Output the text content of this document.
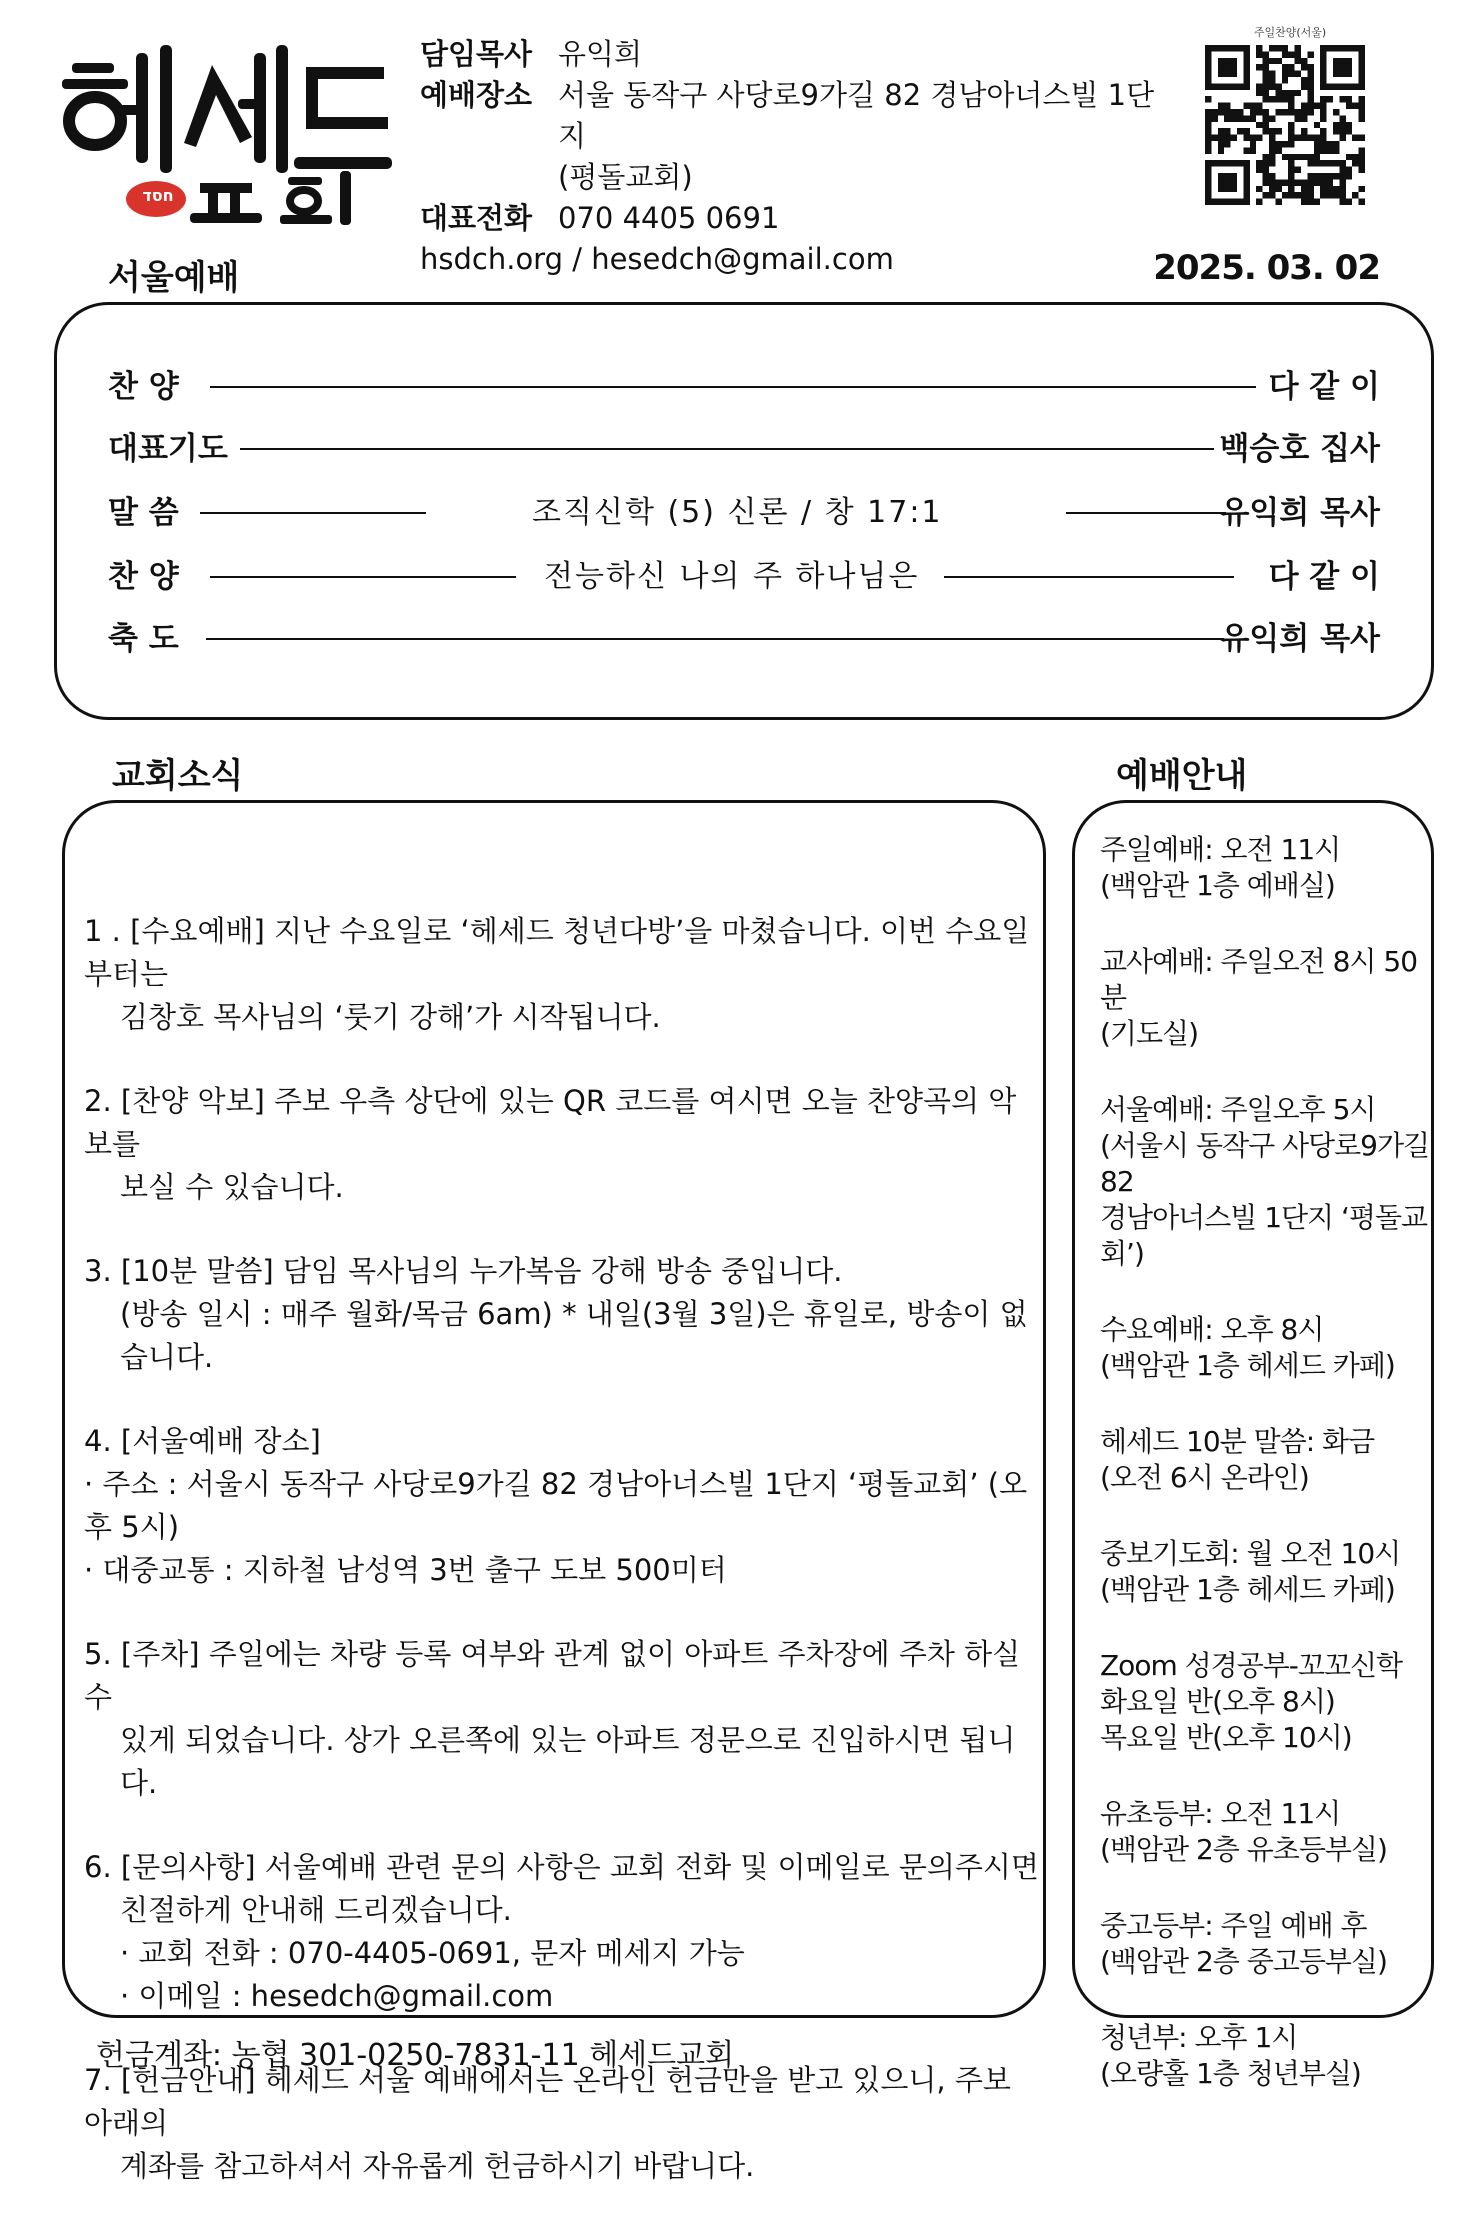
חסד
담임목사 유익희
예배장소 서울 동작구 사당로9가길 82 경남아너스빌 1단지
(평돌교회)
대표전화 070 4405 0691
hsdch.org / hesedch@gmail.com
주일찬양(서울)
서울예배	2025. 03. 02
찬 양	다 같 이
대표기도	백승호 집사
말 씀	조직신학 (5) 신론 / 창 17:1	유익희 목사
찬 양	전능하신 나의 주 하나님은	다 같 이
축 도	유익희 목사
교회소식	예배안내
1 . [수요예배] 지난 수요일로 ‘헤세드 청년다방’을 마쳤습니다. 이번 수요일부터는
김창호 목사님의 ‘룻기 강해’가 시작됩니다.
2. [찬양 악보] 주보 우측 상단에 있는 QR 코드를 여시면 오늘 찬양곡의 악보를
보실 수 있습니다.
3. [10분 말씀] 담임 목사님의 누가복음 강해 방송 중입니다.
(방송 일시 : 매주 월화/목금 6am) * 내일(3월 3일)은 휴일로, 방송이 없습니다.
4. [서울예배 장소]
· 주소 : 서울시 동작구 사당로9가길 82 경남아너스빌 1단지 ‘평돌교회’ (오후 5시)
· 대중교통 : 지하철 남성역 3번 출구 도보 500미터
5. [주차] 주일에는 차량 등록 여부와 관계 없이 아파트 주차장에 주차 하실 수
있게 되었습니다. 상가 오른쪽에 있는 아파트 정문으로 진입하시면 됩니다.
6. [문의사항] 서울예배 관련 문의 사항은 교회 전화 및 이메일로 문의주시면
친절하게 안내해 드리겠습니다.
· 교회 전화 : 070-4405-0691, 문자 메세지 가능
· 이메일 : hesedch@gmail.com
7. [헌금안내] 헤세드 서울 예배에서는 온라인 헌금만을 받고 있으니, 주보 아래의
계좌를 참고하셔서 자유롭게 헌금하시기 바랍니다.
주일예배: 오전 11시
(백암관 1층 예배실)
교사예배: 주일오전 8시 50분
(기도실)
서울예배: 주일오후 5시
(서울시 동작구 사당로9가길 82
경남아너스빌 1단지 ‘평돌교회’)
수요예배: 오후 8시
(백암관 1층 헤세드 카페)
헤세드 10분 말씀: 화금
(오전 6시 온라인)
중보기도회: 월 오전 10시
(백암관 1층 헤세드 카페)
Zoom 성경공부-꼬꼬신학
화요일 반(오후 8시)
목요일 반(오후 10시)
유초등부: 오전 11시
(백암관 2층 유초등부실)
중고등부: 주일 예배 후
(백암관 2층 중고등부실)
청년부: 오후 1시
(오량홀 1층 청년부실)
헌금계좌: 농협 301-0250-7831-11 헤세드교회
